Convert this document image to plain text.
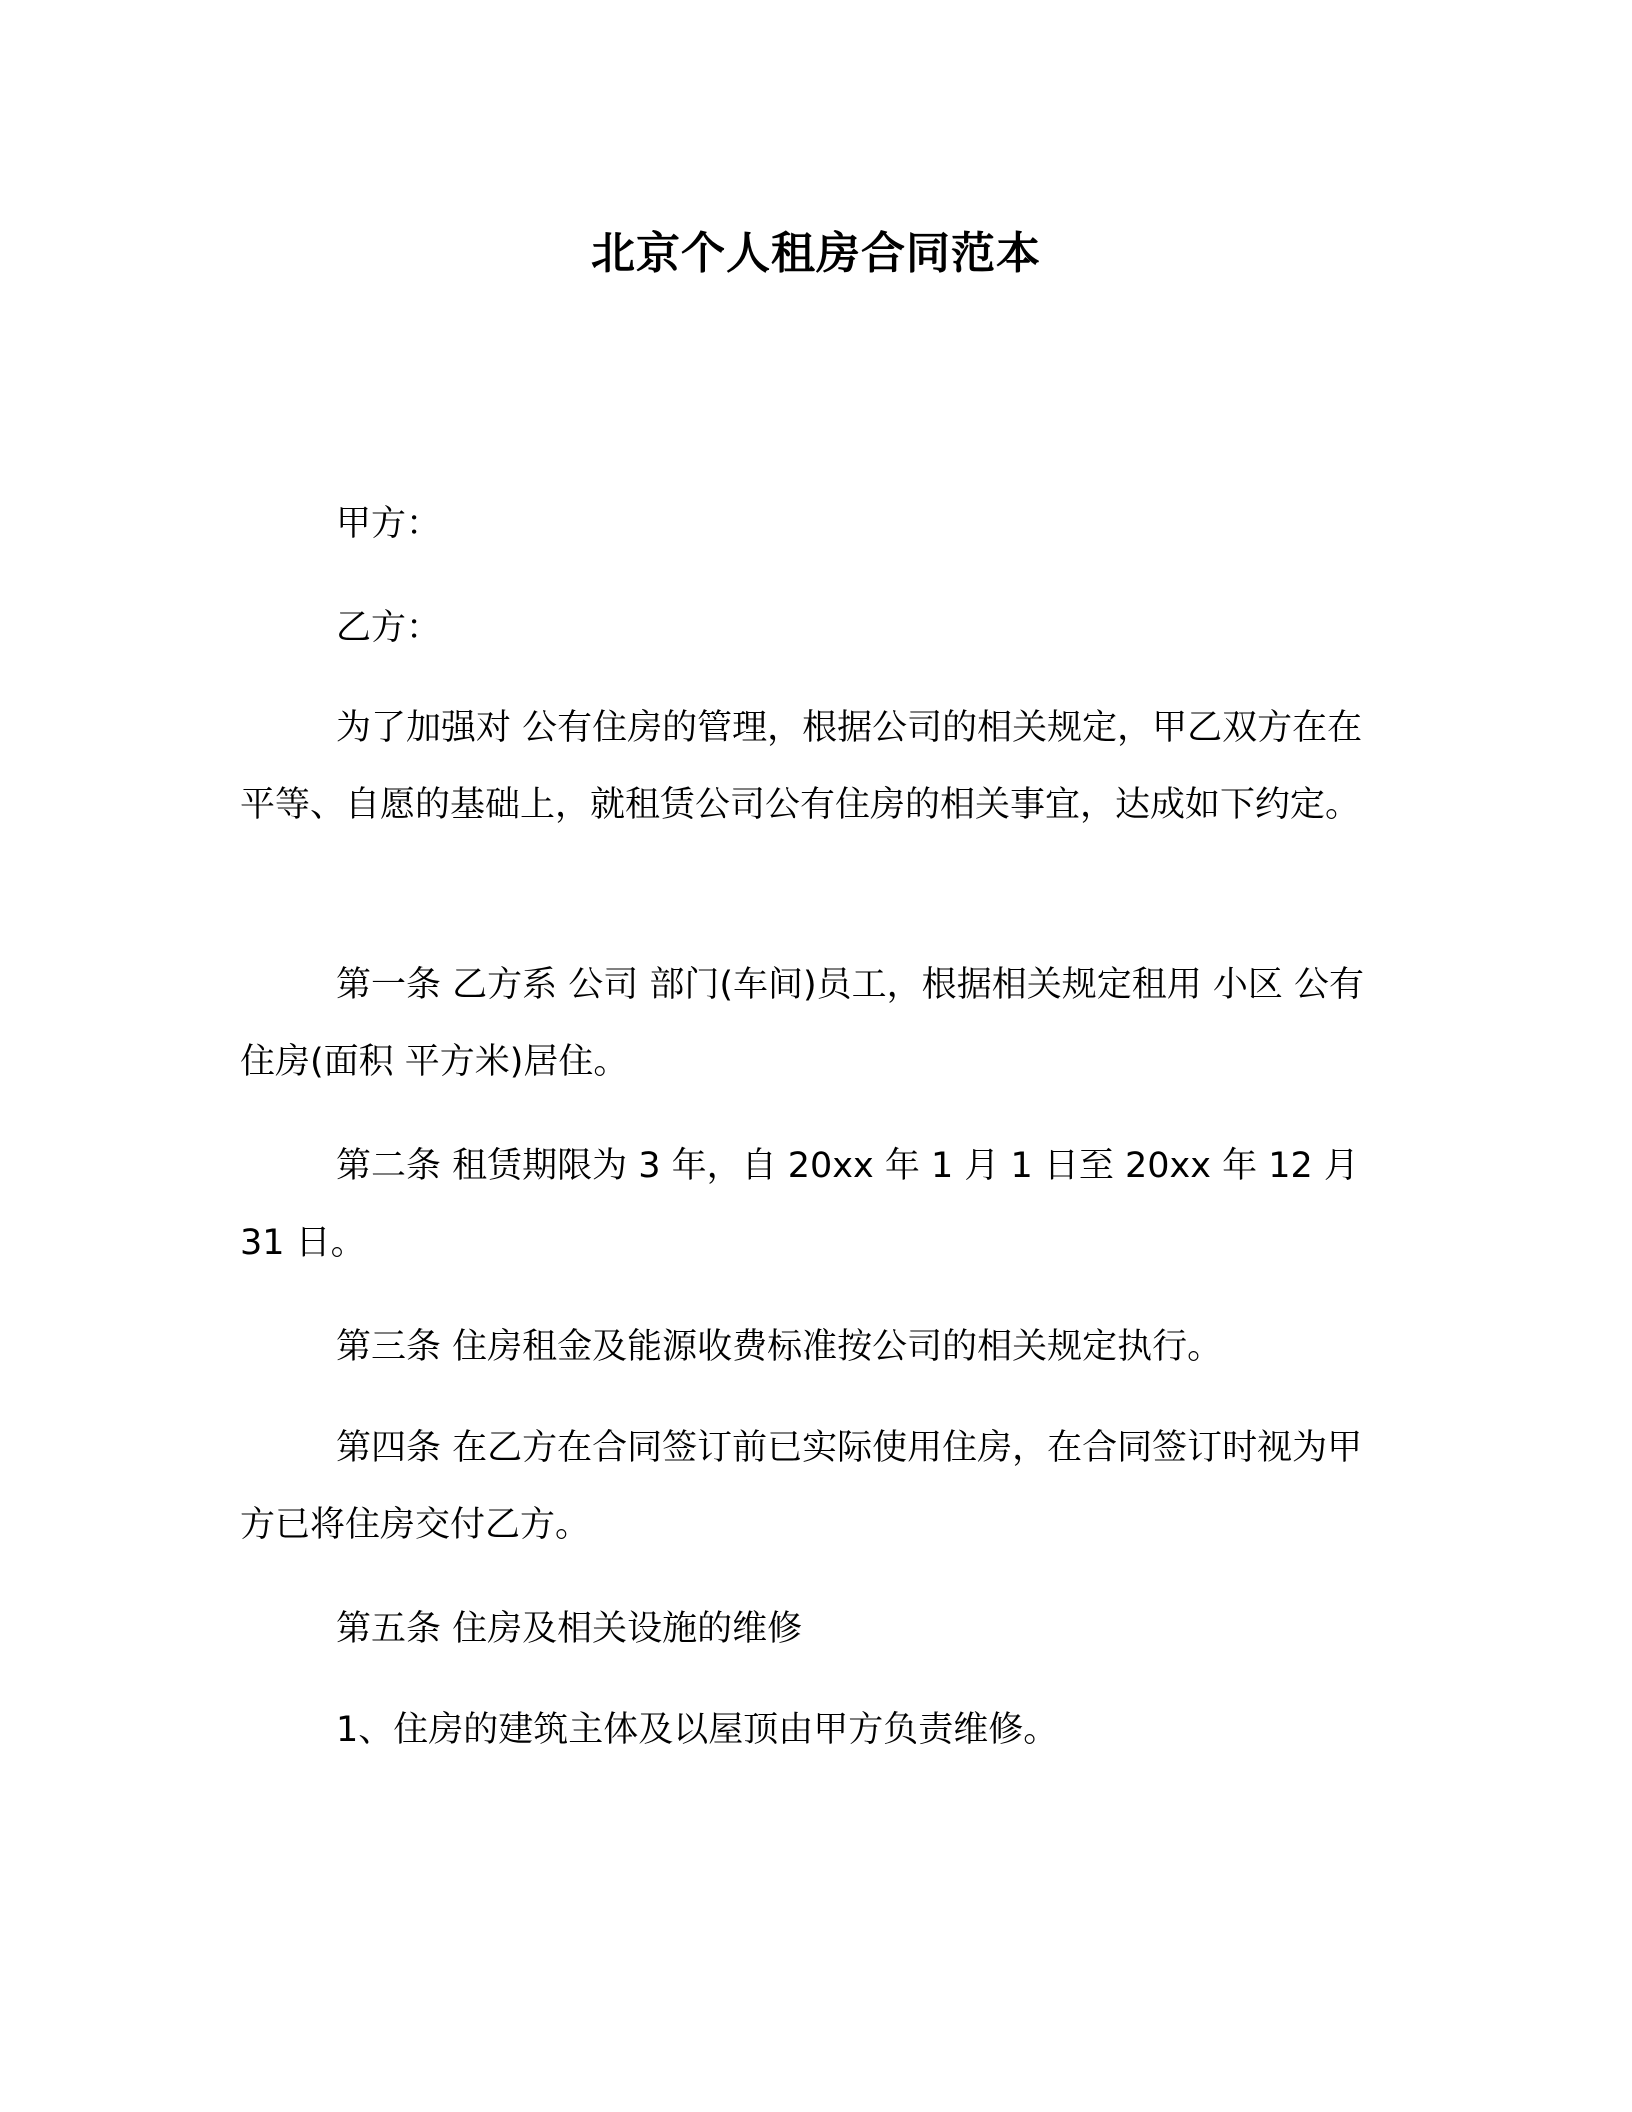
北京个人租房合同范本

甲方：

乙方：

为了加强对 公有住房的管理，根据公司的相关规定，甲乙双方在在平等、自愿的基础上，就租赁公司公有住房的相关事宜，达成如下约定。

第一条 乙方系 公司 部门(车间)员工，根据相关规定租用 小区 公有住房(面积 平方米)居住。

第二条 租赁期限为 3 年，自 20xx 年 1 月 1 日至 20xx 年 12 月 31 日。

第三条 住房租金及能源收费标准按公司的相关规定执行。

第四条 在乙方在合同签订前已实际使用住房，在合同签订时视为甲方已将住房交付乙方。

第五条 住房及相关设施的维修

1、住房的建筑主体及以屋顶由甲方负责维修。
